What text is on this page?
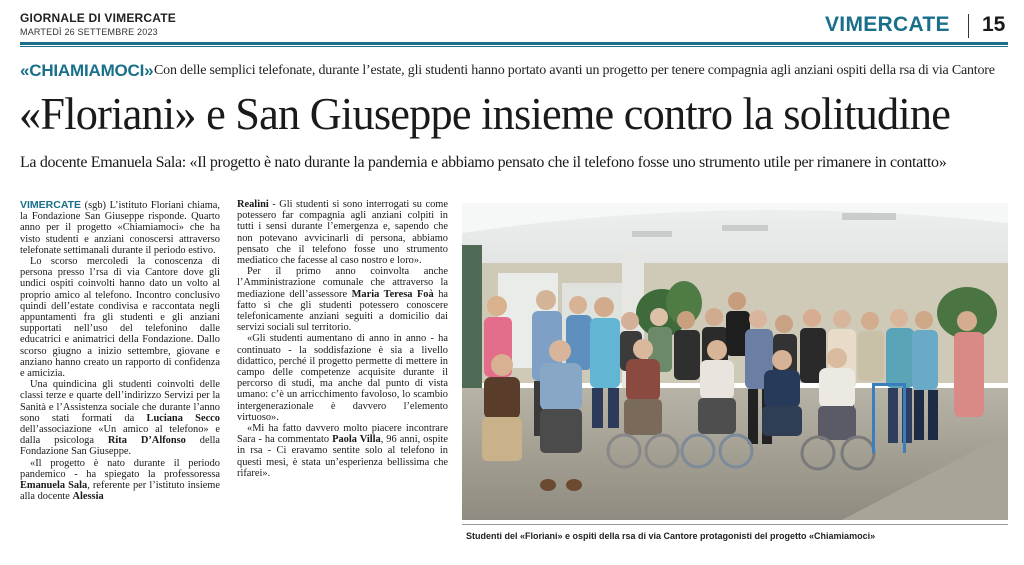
GIORNALE DI VIMERCATE
MARTEDÌ 26 SETTEMBRE 2023	VIMERCATE 15
«CHIAMIAMOCI» Con delle semplici telefonate, durante l’estate, gli studenti hanno portato avanti un progetto per tenere compagnia agli anziani ospiti della rsa di via Cantore
«Floriani» e San Giuseppe insieme contro la solitudine
La docente Emanuela Sala: «Il progetto è nato durante la pandemia e abbiamo pensato che il telefono fosse uno strumento utile per rimanere in contatto»

VIMERCATE (sgb) L’istituto Floriani chiama, la Fondazione San Giuseppe risponde. Quarto anno per il progetto «Chiamiamoci» che ha visto studenti e anziani conoscersi attraverso telefonate settimanali durante il periodo estivo.

Lo scorso mercoledì la conoscenza di persona presso l’rsa di via Cantore dove gli undici ospiti coinvolti hanno dato un volto al proprio amico al telefono. Incontro conclusivo quindi dell’estate condivisa e raccontata negli appuntamenti fra gli studenti e gli anziani supportati nell’uso del telefonino dalle educatrici e animatrici della Fondazione. Dallo scorso giugno a inizio settembre, giovane e anziano hanno creato un rapporto di confidenza e amicizia.

Una quindicina gli studenti coinvolti delle classi terze e quarte dell’indirizzo Servizi per la Sanità e l’Assistenza sociale che durante l’anno sono stati formati da Luciana Secco dell’associazione «Un amico al telefono» e dalla psicologa Rita D’Alfonso della Fondazione San Giuseppe.

«Il progetto è nato durante il periodo pandemico - ha spiegato la professoressa Emanuela Sala, referente per l’istituto insieme alla docente Alessia

Realini - Gli studenti si sono interrogati su come potessero far compagnia agli anziani colpiti in tutti i sensi durante l’emergenza e, sapendo che non potevano avvicinarli di persona, abbiamo pensato che il telefono fosse uno strumento mediatico che facesse al caso nostro e loro».

Per il primo anno coinvolta anche l’Amministrazione comunale che attraverso la mediazione dell’assessore Maria Teresa Foà ha fatto sì che gli studenti potessero conoscere telefonicamente anziani seguiti a domicilio dai servizi sociali sul territorio.

«Gli studenti aumentano di anno in anno - ha continuato - la soddisfazione è sia a livello didattico, perché il progetto permette di mettere in campo delle competenze acquisite durante il percorso di studi, ma anche dal punto di vista umano: c’è un arricchimento favoloso, lo scambio intergenerazionale è davvero l’elemento virtuoso».

«Mi ha fatto davvero molto piacere incontrare Sara - ha commentato Paola Villa, 96 anni, ospite in rsa - Ci eravamo sentite solo al telefono in questi mesi, è stata un’esperienza bellissima che rifarei».

Studenti del «Floriani» e ospiti della rsa di via Cantore protagonisti del progetto «Chiamiamoci»
